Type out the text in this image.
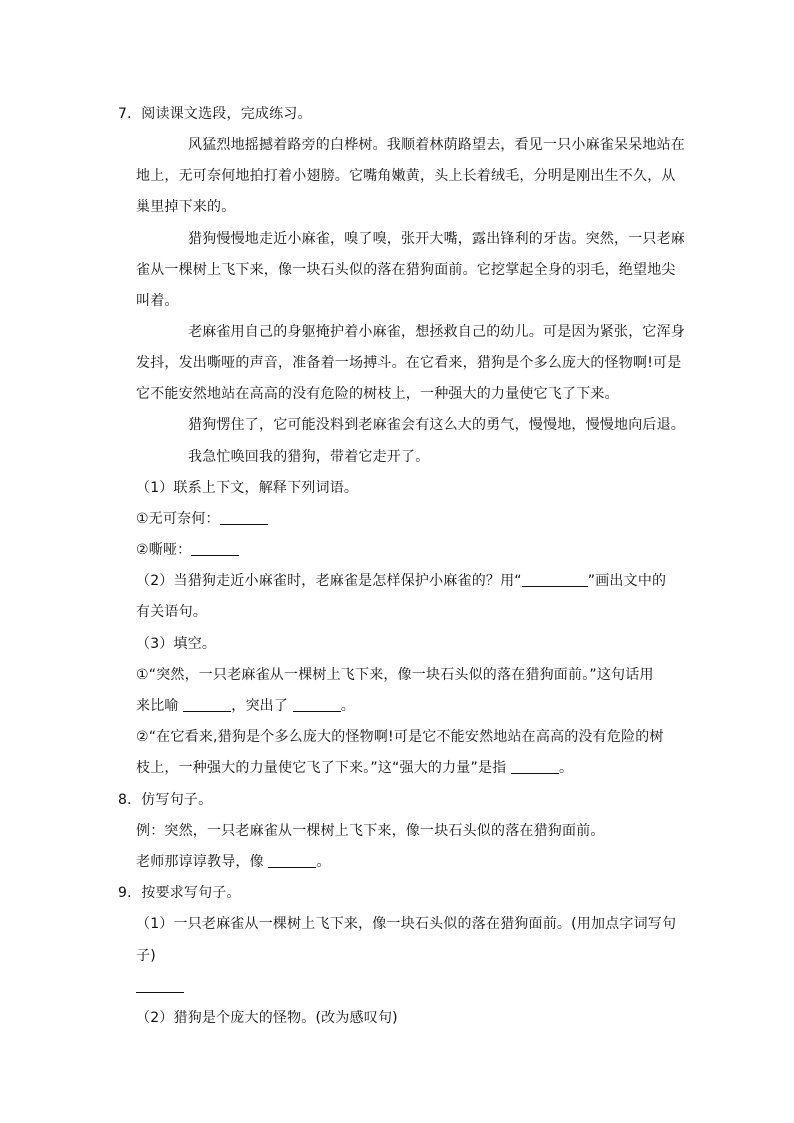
7．阅读课文选段，完成练习。
风猛烈地摇撼着路旁的白桦树。我顺着林荫路望去，看见一只小麻雀呆呆地站在
地上，无可奈何地拍打着小翅膀。它嘴角嫩黄，头上长着绒毛，分明是刚出生不久，从
巢里掉下来的。
猎狗慢慢地走近小麻雀，嗅了嗅，张开大嘴，露出锋利的牙齿。突然，一只老麻
雀从一棵树上飞下来，像一块石头似的落在猎狗面前。它挖掌起全身的羽毛，绝望地尖
叫着。
老麻雀用自己的身躯掩护着小麻雀，想拯救自己的幼儿。可是因为紧张，它浑身
发抖，发出嘶哑的声音，准备着一场搏斗。在它看来，猎狗是个多么庞大的怪物啊!可是
它不能安然地站在高高的没有危险的树枝上，一种强大的力量使它飞了下来。
猎狗愣住了，它可能没料到老麻雀会有这么大的勇气，慢慢地，慢慢地向后退。
我急忙唤回我的猎狗，带着它走开了。
（1）联系上下文，解释下列词语。
①无可奈何：
②嘶哑：
（2）当猎狗走近小麻雀时，老麻雀是怎样保护小麻雀的？用“	”画出文中的
有关语句。
（3）填空。
①“突然，一只老麻雀从一棵树上飞下来，像一块石头似的落在猎狗面前。”这句话用
来比喻	，突出了	。
②“在它看来,猎狗是个多么庞大的怪物啊!可是它不能安然地站在高高的没有危险的树
枝上，一种强大的力量使它飞了下来。”这“强大的力量”是指	。
8．仿写句子。
例：突然，一只老麻雀从一棵树上飞下来，像一块石头似的落在猎狗面前。
老师那谆谆教导，像	。
9．按要求写句子。
（1）一只老麻雀从一棵树上飞下来，像一块石头似的落在猎狗面前。(用加点字词写句
子)
（2）猎狗是个庞大的怪物。(改为感叹句)
